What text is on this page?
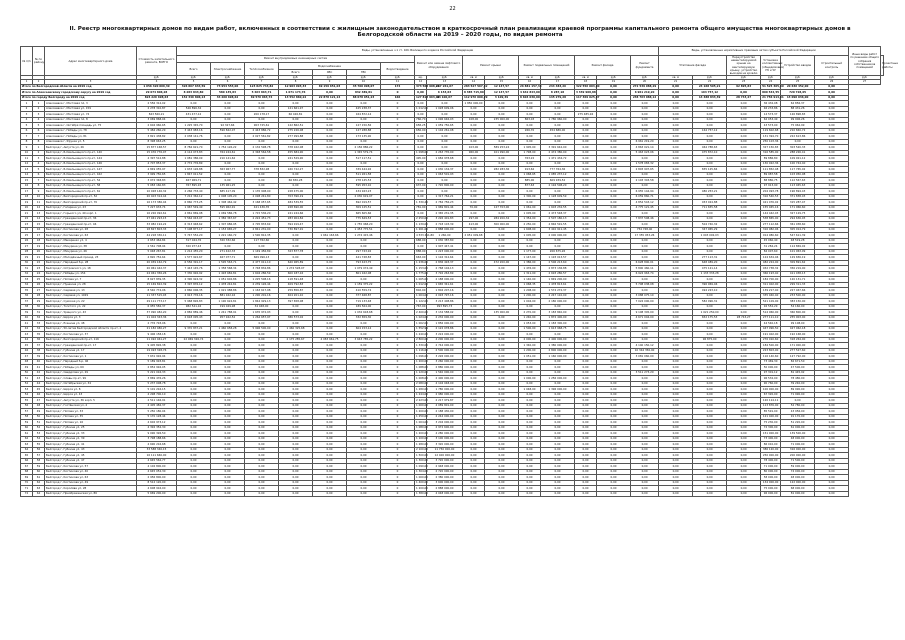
22
II. Реестр многоквартирных домов по видам работ, включенных в соответствии с жилищным законодательством в краткосрочный план реализации краевой программы капитального ремонта общего имущества многоквартирных домов в Белгородской области на 2019 – 2020 годы, по видам ремонта
№ п/п	№ по району	Адрес многоквартирного дома	Стоимость капитального ремонта, ВСЕГО	Виды, установленные ч.1 ст. 166 Жилищного кодекса Российской Федерации																Виды, установленные нормативным правовым актом субъекта Российской Федерации						Иные виды работ по решению общего собрания собственников помещений	
				Ремонт внутридомовых инженерных систем							Ремонт или замена лифтового оборудования		Ремонт крыши		Ремонт подвальных помещений		Ремонт фасада		Ремонт фундамента	Утепление фасада		Переустройство невентилируемой крыши на вентилируемую крышу, устройство выходов на кровлю	Установка коллективных (общедомовых) ПУ и УУ	Устройство вводов	Строительный контроль		Проектные работы
				Всего	Электроснабжение	Теплоснабжение	Водоснабжение			Водоотведение																	
							Всего	ХВС	ГВС																		
			руб.	руб.	руб.	руб.	руб.	руб.	руб.	руб.	ед.	руб.	кв. м	руб.	кв. м	руб.	кв. м	руб.	руб.	кв. м	руб.	руб.	руб.	руб.	руб.	руб.	
1	2	3	4	5	6	7	8	9	10	11	12	13	14	15	16	17	18	19	20	21	22	23	24	25	26	27	
Итого по Белгородской области на 2019 год			1 656 420 066,39	326 867 634,59	73 954 553,06	123 825 743,82	12 903 993,33	69 159 651,03	45 700 998,07	174	373 568 908,01	247 261,67	283 527 567,42	12 147,57	26 881 157,33	244 483,26	322 556 004,00	0,00	272 539 988,29	0,00	24 168 595,21	92 895,83	51 525 305,69	20 636 452,00	0,00		
Итого по Алексеевскому городскому округу на 2019 год			29 074 806,28	8 283 843,80	580 135,83	5 463 863,71	1 071 174,76	0,00	832 489,81	0	0,00	6 153,63	8 385 715,80	12 147,57	4 642 843,00	8 287,18	3 339 908,88	0,00	6 961 219,20	0,00	164 757,12	0,00	800 544,55	720 728,05	0,00		
Итого по городу Белгороду на 2019 год			824 226 698,63	152 346 806,13	34 260 698,62	69 576 063,74	13 552 860,22	22 878 121,14	88 078 051,23	166	127 813 963,01	93 100,67	112 976 000,29	3 109,39	8 604 030,00	145 279,28	117 369 025,87	0,00	238 763 088,12	0,00	14 488 833,39	28 743,27	21 756 914,61	13 090 036,00	0,00		
1	1	Алексеевка г, Мостовая пл, 3	2 556 312,02	0,00	0,00	0,00	0,00	0,00	0,00	0	0,00	0,00	1 850 000,00	0,00	0,00	0,00	0,00	0,00	0,00	0,00	0,00	0,00	36 432,08	62 856,37	0,00		
2	2	Алексеевка г, Мостовая ул, 159	2 278 310,87	546 896,34	0,00	0,00	121 661,97	0,00	425 238,37	0	1 012,00	1 028 609,06	0,00	0,00	0,00	0,00	0,00	0,00	0,00	0,00	0,00	0,00	46 233,86	88 431,26	0,00		
3	3	Алексеевка г, Мостовая ул, 74	843 560,21	431 477,12	0,00	200 178,17	66 426,81	0,00	164 872,14	0	0,00	0,00	0,00	0,00	0,00	0,00	275 485,94	0,00	0,00	0,00	0,00	0,00	14 573,37	126 898,83	0,00		
4	4	Алексеевка г, Мостовая пл, 8	3 069 868,04	0,00	0,00	0,00	0,00	0,00	0,00	0	766,70	1 096 646,03	108,00	235 000,00	863,03	1 780 960,00	0,00	0,00	0,00	0,00	0,00	0,00	62 053,49	99 906,26	0,00		
5	5	Алексеевка г, Октября площадь ул, 75	2 604 960,65	1 225 345,70	92 327,66	903 725,61	122 862,51	0,00	127 150,56	0	658,25	1 059 750,65	0,00	0,00	0,00	0,00	0,00	0,00	0,00	0,00	0,00	0,00	43 573,00	75 962,99	0,00		
6	6	Алексеевка г, Победы ул, 78	5 484 260,29	3 443 983,16	596 842,07	2 443 886,72	275 226,08	0,00	127 288,88	0	656,00	1 104 261,08	0,00	0,00	266,70	454 686,00	0,00	0,00	0,00	0,00	164 757,12	0,00	119 602,68	210 840,72	0,00		
7	7	Алексеевка г, Победы ул, 81	3 821 438,82	2 038 141,76	0,00	2 027 561,82	277 999,88	0,00	173 135,90	0	0,00	0,00	0,00	0,00	0,00	0,00	0,00	0,00	0,00	0,00	0,00	0,00	131 394,70	222 613,86	0,00		
8	8	Алексеевка г, Фрунзе ул, 5	8 398 663,25	0,00	0,00	0,00	0,00	0,00	0,00	0	0,00	0,00	0,00	0,00	0,00	0,00	0,00	0,00	6 961 219,20	0,00	0,00	0,00	250 103,36	0,00	0,00		
9	1	Белгород г, Августа ул, 26	15 877 168,57	8 784 621,70	1 754 126,22	2 132 598,78	378 162,08	0,00	2 156 886,22	0	0,00	0,00	103,00	589 253,24	1 905,00	3 391 642,00	0,00	0,00	4 863 021,14	0,00	464 788,63	0,00	327 150,83	303 520,33	0,00		
10	2	Белгород г, Б.Хмельницкого пр-кт, 140	15 476 776,07	4 114 073,83	764 244,61	2 348 564,58	455 684,90	0,00	1 345 579,74	0	1 098,00	2 263 735,00	960,00	101 990,00	1 798,00	2 474 380,00	0,00	0,00	5 463 023,06	0,00	475 872,10	0,00	316 585,00	288 226,41	0,00		
11	3	Белгород г, Б.Хмельницкого пр-кт, 144	4 397 512,88	1 081 386,09	210 141,62	0,00	241 529,90	0,00	517 117,51	0	495,00	1 684 978,68	0,00	0,00	763,22	1 471 434,72	0,00	0,00	0,00	0,00	0,00	0,00	89 886,80	109 921,12	0,00		
12	4	Белгород г, Б.Хмельницкого пр-кт, 146	4 707 853,37	2 772 776,89	0,00	0,00	0,00	0,00	0,00	0	0,00	0,00	0,00	0,00	0,00	0,00	0,00	0,00	1 578 083,32	0,00	0,00	0,00	130 022,36	100 744,40	0,00		
13	5	Белгород г, Б.Хмельницкого пр-кт, 147	4 849 055,97	1 633 126,88	363 967,77	378 832,98	160 722,27	0,00	339 444,92	0	0,00	1 030 134,37	0,00	282 283,36	913,62	777 764,36	0,00	0,00	2 893 907,65	0,00	835 125,84	0,00	111 852,48	117 765,02	0,00		
14	6	Белгород г, Б.Хмельницкого пр-кт, 162	3 999 750,65	1 847 011,52	0,00	0,00	0,00	0,00	511 261,58	0	0,00	1 063 501,93	0,00	0,00	1 068,65	1 085 237,12	0,00	0,00	0,00	0,00	0,00	0,00	89 987,58	103 950,98	0,00		
15	7	Белгород г, Б.Хмельницкого пр-кт, 54	3 072 348,83	467 969,71	0,00	0,00	66 830,28	0,00	278 145,53	0	0,00	0,00	0,00	0,00	885,00	609 939,52	0,00	0,00	2 103 303,58	0,00	0,00	0,00	88 880,75	112 567,63	0,00		
16	8	Белгород г, Б.Хмельницкого пр-кт, 58	5 083 160,83	767 895,93	135 961,25	0,00	0,00	0,00	595 953,10	0	637,00	1 720 800,00	0,00	0,00	877,63	2 194 508,20	0,00	0,00	0,00	0,00	0,00	0,00	97 913,90	113 945,63	0,00		
17	9	Белгород г, Б.Хмельницкого пр-кт, 61	10 028 146,32	2 266 733,40	685 417,09	1 135 908,00	228 475,00	0,00	434 943,23	0	0,00	0,00	0,00	0,00	0,00	0,00	0,00	0,00	6 955 144,94	0,00	480 253,21	0,00	204 093,78	196 894,43	0,00		
18	10	Белгород г, Белгородский пр-кт, 52	20 403 314,44	7 212 362,12	1 008 105,20	2 098 241,80	703 396,19	0,00	2 030 619,07	0	0,00	1 317 764,21	0,00	0,00	1 300,09	1 128 609,59	0,00	0,00	6 059 860,71	0,00	0,00	0,00	316 540,53	371 838,03	0,00		
19	11	Белгород г, Белгородский пр-кт, 70	16 173 386,04	6 860 773,25	1 308 462,42	3 168 057,65	484 539,55	0,00	692 019,57	0	1 330,26	2 784 756,23	0,00	0,00	0,00	0,00	0,00	0,00	4 854 543,12	0,00	453 024,88	0,00	421 076,02	315 287,47	0,00		
20	12	Белгород г, Гагарина ул, 23	7 227 633,74	1 967 549,49	595 962,91	421 436,35	228 690,00	0,00	309 125,51	0	781,00	1 969 801,44	70,00	127 703,00	1 061,00	1 603 232,55	0,00	0,00	4 775 121,45	0,00	711 655,58	0,00	155 945,16	171 966,60	0,00		
21	13	Белгород г, Горького ул, 49 корп. 1	16 226 092,61	4 861 869,98	1 069 586,78	1 715 536,20	241 244,66	0,00	665 605,66	0	0,00	2 365 231,35	0,00	0,00	1 005,00	2 473 548,37	0,00	0,00	0,00	0,00	0,00	0,00	144 442,03	327 129,75	0,00		
22	14	Белгород г, Гражданский пр-кт, 36	27 941 293,15	5 562 043,07	1 382 367,67	2 224 451,73	283 904,84	0,00	775 629,53	0	2 250,00	3 226 401,83	297,00	284 200,34	1 354,00	2 507 180,13	0,00	0,00	7 837 508,46	0,00	0,00	0,00	538 865,00	294 636,93	0,00		
23	15	Белгород г, Гражданский пр-кт, 46	33 982 194,22	6 313 948,62	1 307 686,95	2 795 833,69	394 919,47	0,00	1 755 968,20	0	1 139,00	2 718 103,39	413,00	300 000,00	2 250,00	4 846 591,55	0,00	0,00	0,00	0,00	504 740,32	0,00	277 112,66	361 938,60	0,00		
24	16	Белгород г, Костюкова ул, 28	18 827 803,33	7 108 877,17	1 153 665,27	2 841 231,00	730 897,91	0,00	1 453 775,51	0	1 261,00	2 888 000,00	0,00	0,00	1 608,00	3 410 911,45	0,00	0,00	754 748,40	0,00	347 965,29	0,00	316 982,06	305 914,79	0,00		
25	17	Белгород г, Костюкова ул, 63	44 218 330,11	5 747 552,20	1 221 160,72	1 590 812,35	0,00	1 661 163,66	1 274 415,46	2	4 533 411,80	1 260,00	2 651 009,68	0,00	1 005,00	2 000 000,00	0,00	0,00	17 355 053,26	0,00	1 003 092,03	0,00	914 980,60	547 611,39	0,00		
26	18	Белгород г, Макаренко ул, 4	2 653 464,84	317 044,76	320 332,66	117 762,60	0,00	0,00	0,00	0	688,00	1 030 387,80	0,00	0,00	0,00	0,00	0,00	0,00	0,00	0,00	0,00	0,00	45 060,40	48 519,28	0,00		
27	19	Белгород г, Мичурина ул, 38	2 561 708,94	320 977,43	0,00	0,00	0,00	0,00	0,00	0	0,00	1 907 447,41	0,00	0,00	0,00	0,00	0,00	0,00	0,00	0,00	0,00	0,00	31 284,24	114 869,02	0,00		
28	20	Белгород г, Мичурина ул, 46	5 048 267,81	1 214 455,20	271 422,33	1 149 456,89	323 877,78	0,00	297 743,92	0	888,00	1 223 000,00	0,00	0,00	1 177,00	206 675,26	0,00	0,00	0,00	0,00	0,00	0,00	84 007,60	101 963,99	0,00		
29	21	Белгород г, Молодёжный проезд, 23	4 820 752,64	1 577 922,67	467 077,71	669 096,13	0,00	0,00	441 748,83	0	663,00	1 116 312,64	0,00	0,00	1 147,00	1 193 013,57	0,00	0,00	0,00	0,00	277 113,31	0,00	124 634,46	129 656,19	0,00		
30	22	Белгород г, Народный б-р, 28	20 939 162,79	6 556 391,17	1 595 563,71	2 477 011,10	640 965,89	0,00	793 423,75	0	1 236,00	2 836 493,37	0,00	472 200,00	1 386,00	2 506 213,60	0,00	0,00	6 628 800,01	0,00	648 489,20	0,00	482 224,00	309 891,62	0,00		
31	23	Белгород г, Островского ул, 18	20 961 442,37	7 443 145,76	1 358 568,34	3 748 834,86	1 274 528,07	0,00	1 079 074,49	0	1 153,00	2 768 104,13	0,00	0,00	1 476,00	2 873 136,88	0,00	0,00	5 800 460,11	0,00	475 121,14	0,00	452 738,32	356 219,00	0,00		
32	24	Белгород г, Победы ул, 154	24 061 356,26	7 330 992,92	1 493 682,81	1 604 286,59	600 187,16	0,00	801 162,08	0	1 775,00	3 792 263,89	0,00	0,00	1 311,00	2 693 280,57	0,00	0,00	6 924 963,74	0,00	1 133 333,28	0,00	366 193,40	411 038,13	0,00		
33	25	Белгород г, Попова ул, 7	8 627 839,35	2 390 924,32	1 051 602,86	1 225 508,16	118 591,48	0,00	0,00	0	1 005,00	2 188 000,00	0,00	0,00	1 140,00	1 849 200,00	0,00	0,00	0,00	0,00	0,00	0,00	184 700,00	120 131,71	0,00		
34	26	Белгород г, Пушкина ул, 28	15 169 822,39	3 397 876,12	1 478 242,81	2 239 126,44	409 792,83	0,00	1 159 375,22	0	1 012,00	1 665 341,61	0,00	0,00	1 068,35	1 478 813,61	0,00	0,00	5 798 038,08	0,00	396 969,46	0,00	311 402,00	299 311,33	0,00		
35	27	Белгород г, Садовая ул, 13	8 540 774,06	2 860 006,35	1 021 988,86	1 163 617,98	259 856,87	0,00	410 559,74	0	802,00	1 804 207,16	0,00	0,00	1 208,00	1 574 272,37	0,00	0,00	0,00	0,00	494 223,10	0,00	139 217,40	227 467,66	0,00		
36	28	Белгород г, Садовая ул, 1929	11 337 515,93	2 913 776,16	881 162,16	1 290 201,16	404 201,10	0,00	377 468,87	0	1 004,00	2 093 797,16	0,00	0,00	1 200,00	2 247 110,00	0,00	0,00	3 088 075,10	0,00	0,00	0,00	335 040,40	233 500,00	0,00		
37	29	Белгород г, Сумская ул, 22	29 111 773,17	5 968 826,83	1 190 624,81	1 844 929,13	397 658,08	0,00	719 133,48	0	1 122,00	3 213 408,86	0,00	0,00	1 004,00	2 180 000,00	0,00	0,00	7 024 000,00	0,00	582 096,31	0,00	521 109,00	383 150,00	0,00		
38	30	Белгород г, Толстого ул, 22	6 955 582,37	982 541,16	199 049,98	34 048,00	0,00	0,00	189 564,00	0	767,00	993 895,73	0,00	0,00	0,00	0,00	0,00	0,00	0,00	0,00	0,00	0,00	92 552,29	54 160,00	0,00		
39	31	Белгород г, Урицкого ул, 43	37 990 482,20	4 882 889,46	1 241 788,91	1 635 972,93	0,00	0,00	1 032 618,68	0	2 400,00	3 134 588,02	0,00	135 000,00	2 270,00	3 183 840,00	0,00	0,00	9 108 345,00	0,00	1 021 250,00	0,00	514 960,00	360 800,00	0,00		
40	32	Белгород г, Щорса ул, 3	11 404 343,36	2 618 095,43	957 942,52	1 264 657,97	386 573,02	0,00	332 659,30	0	1 024,00	2 232 000,00	0,00	0,00	1 240,00	1 872 400,00	0,00	0,00	4 671 004,00	0,00	652 175,53	28 743,27	277 111,10	255 903,00	0,00		
41	33	Белгород г, Есенина ул, 48	2 776 793,06	0,00	0,00	0,00	0,00	0,00	0,00	0	1 002,00	1 856 000,00	0,00	0,00	1 053,00	1 183 300,00	0,00	0,00	0,00	0,00	0,00	0,00	44 540,18	99 108,00	0,00		
42	34	Белгород г, 50-летия Белгородской области пр-кт, 4	21 182 480,27	9 370 837,21	1 460 658,28	5 996 500,00	1 460 325,68	0,00	604 153,14	0	1 552,99	2 122 078,86	0,00	0,00	1 500,00	1 613 968,75	0,00	0,00	0,00	0,00	0,00	0,00	447 996,50	427 062,18	0,00		
43	35	Белгород г, Костюкова ул, 37	9 406 158,18	0,00	0,00	0,00	0,00	0,00	0,00	0	1 240,00	3 224 000,00	0,00	0,00	0,00	0,00	0,00	0,00	0,00	0,00	0,00	0,00	191 402,00	192 168,00	0,00		
44	36	Белгород г, Белгородский пр-кт, 116	11 492 461,27	22 969 326,74	0,00	0,00	2 175 285,67	4 083 661,75	3 643 785,22	0	2 800,00	4 200 000,00	0,00	0,00	2 000,00	2 400 000,00	0,00	0,00	0,00	0,00	96 875,00	0,00	276 010,60	318 264,00	0,00		
45	37	Белгород г, Гражданский пр-кт, 17	9 405 826,38	0,00	0,00	0,00	0,00	0,00	0,00	0	1 330,00	2 744 000,00	0,00	0,00	1 340,00	1 380 000,00	0,00	0,00	4 140 150,12	0,00	0,00	0,00	184 500,00	171 000,00	0,00		
46	38	Белгород г, Губкина ул, 17	19 493 328,76	0,00	0,00	0,00	0,00	0,00	0,00	0	1 116,00	2 500 000,00	0,00	0,00	1 200,00	2 800 000,00	0,00	0,00	10 344 356,00	0,00	0,00	0,00	223 803,00	277 527,60	0,00		
47	39	Белгород г, Костюкова ул, 1	7 631 992,94	0,00	0,00	0,00	0,00	0,00	0,00	0	1 096,00	3 226 000,00	0,00	0,00	1 051,00	1 160 000,00	0,00	0,00	3 081 060,00	0,00	0,00	0,00	116 140,60	127 792,00	0,00		
48	40	Белгород г, Народный б-р, 46	5 189 993,81	0,00	0,00	0,00	0,00	0,00	0,00	0	1 200,00	3 260 000,00	0,00	0,00	0,00	0,00	0,00	0,00	0,00	0,00	0,00	0,00	73 469,30	82 671,50	0,00		
49	41	Белгород г, Победы ул, 69	2 852 994,05	0,00	0,00	0,00	0,00	0,00	0,00	0	1 088,00	2 880 000,00	0,00	0,00	0,00	0,00	0,00	0,00	0,00	0,00	0,00	0,00	50 000,00	47 500,00	0,00		
50	42	Белгород г, Свердлова ул, 29	5 221 016,33	0,00	0,00	0,00	0,00	0,00	0,00	0	1 120,00	1 540 000,00	0,00	0,00	0,00	0,00	0,00	0,00	3 511 273,29	0,00	0,00	0,00	97 301,12	81 445,92	0,00		
51	43	Белгород г, Славы пр-кт, 99	3 869 476,26	0,00	0,00	0,00	0,00	0,00	0,00	0	1 008,00	2 400 000,00	0,00	0,00	1 000,00	1 256 000,00	0,00	0,00	0,00	0,00	0,00	0,00	96 532,00	78 480,00	0,00		
52	44	Белгород г, Октябрьская ул, 34	5 237 008,78	0,00	0,00	0,00	0,00	0,00	0,00	0	2 080,00	4 104 048,00	0,00	0,00	0,00	0,00	0,00	0,00	0,00	0,00	0,00	0,00	90 760,00	39 240,00	0,00		
53	45	Белгород г, Щорса ул, 8	5 101 216,15	0,00	0,00	0,00	0,00	0,00	0,00	0	1 280,00	1 780 000,00	0,00	0,00	1 048,00	1 396 000,00	0,00	0,00	0,00	0,00	0,00	0,00	100 000,00	89 990,00	0,00		
54	46	Белгород г, Щорса ул, 43	4 298 700,10	0,00	0,00	0,00	0,00	0,00	0,00	0	1 244,00	2 980 000,00	0,00	0,00	0,00	0,00	0,00	0,00	0,00	0,00	0,00	0,00	67 320,00	71 990,00	0,00		
55	47	Белгород г, Августа ул, 36 корп. 5	2 511 146,91	0,00	0,00	0,00	0,00	0,00	0,00	0	2 223,00	2 217 979,87	0,00	0,00	0,00	0,00	0,00	0,00	0,00	0,00	0,00	0,00	120 114,11	0,00	0,00		
56	48	Белгород г, Гостёнская ул, 4	4 405 482,37	0,00	0,00	0,00	0,00	0,00	0,00	0	1 000,00	4 089 801,00	0,00	0,00	0,00	0,00	0,00	0,00	0,00	0,00	0,00	0,00	113 876,00	52 780,00	0,00		
57	49	Белгород г, Попова ул, 33	5 250 180,04	0,00	0,00	0,00	0,00	0,00	0,00	0	1 200,00	2 188 430,00	0,00	0,00	0,00	0,00	0,00	0,00	0,00	0,00	0,00	0,00	85 591,00	43 956,00	0,00		
58	50	Белгород г, Попова ул, 35	5 170 128,44	0,00	0,00	0,00	0,00	0,00	0,00	0	1 250,00	2 244 000,00	0,00	0,00	0,00	0,00	0,00	0,00	0,00	0,00	0,00	0,00	121 400,00	91 170,00	0,00		
59	51	Белгород г, Попова ул, 16	4 602 973,12	0,00	0,00	0,00	0,00	0,00	0,00	0	1 004,00	3 204 000,00	0,00	0,00	0,00	0,00	0,00	0,00	0,00	0,00	0,00	0,00	75 230,00	51 220,00	0,00		
60	52	Белгород г, Губкина ул, 25	4 392 352,30	0,00	0,00	0,00	0,00	0,00	0,00	0	1 080,00	2 972 600,00	0,00	0,00	0,00	0,00	0,00	0,00	0,00	0,00	0,00	0,00	72 300,00	61 000,00	0,00		
61	53	Белгород г, Губкина ул, 33	9 090 326,50	0,00	0,00	0,00	0,00	0,00	0,00	0	1 200,00	4 280 000,00	0,00	0,00	0,00	0,00	0,00	0,00	0,00	0,00	0,00	0,00	151 000,00	139 500,00	0,00		
62	54	Белгород г, Губкина ул, 39	3 798 188,66	0,00	0,00	0,00	0,00	0,00	0,00	0	1 100,00	3 100 000,00	0,00	0,00	0,00	0,00	0,00	0,00	0,00	0,00	0,00	0,00	73 400,00	48 000,00	0,00		
63	55	Белгород г, Губкина ул, 41	4 690 216,68	0,00	0,00	0,00	0,00	0,00	0,00	0	1 280,00	3 320 000,00	0,00	0,00	0,00	0,00	0,00	0,00	0,00	0,00	0,00	0,00	86 010,00	71 000,00	0,00		
64	56	Белгород г, Губкина ул, 43	33 588 340,15	0,00	0,00	0,00	0,00	0,00	0,00	0	2 100,00	11 750 000,00	0,00	0,00	0,00	0,00	0,00	0,00	0,00	0,00	0,00	0,00	386 120,00	316 000,00	0,00		
65	57	Белгород г, Губкина ул, 45	16 111 660,00	0,00	0,00	0,00	0,00	0,00	0,00	0	1 500,00	12 400 000,00	0,00	0,00	0,00	0,00	0,00	0,00	0,00	0,00	0,00	0,00	250 000,00	200 000,00	0,00		
66	58	Белгород г, Губкина ул, 47	4 645 562,77	0,00	0,00	0,00	0,00	0,00	0,00	0	1 300,00	3 720 000,00	0,00	0,00	0,00	0,00	0,00	0,00	0,00	0,00	0,00	0,00	78 400,00	71 500,00	0,00		
67	59	Белгород г, Костюкова ул, 57	4 102 800,00	0,00	0,00	0,00	0,00	0,00	0,00	0	1 090,00	2 948 000,00	0,00	0,00	0,00	0,00	0,00	0,00	0,00	0,00	0,00	0,00	71 000,00	59 000,00	0,00		
68	60	Белгород г, Костюкова ул, 40	4 645 052,30	0,00	0,00	0,00	0,00	0,00	0,00	0	1 304,00	2 720 000,00	0,00	0,00	0,00	0,00	0,00	0,00	0,00	0,00	0,00	0,00	80 000,00	74 000,00	0,00		
69	61	Белгород г, Костюкова ул, 63	2 956 800,00	0,00	0,00	0,00	0,00	0,00	0,00	0	1 000,00	2 380 000,00	0,00	0,00	0,00	0,00	0,00	0,00	0,00	0,00	0,00	0,00	58 000,00	48 000,00	0,00		
70	62	Белгород г, Костюкова ул, 49	8 512 120,00	0,00	0,00	0,00	0,00	0,00	0,00	0	1 400,00	3 600 000,00	0,00	0,00	0,00	0,00	0,00	0,00	0,00	0,00	0,00	0,00	134 000,00	122 000,00	0,00		
71	63	Белгород г, Королёва ул, 28	4 608 916,00	0,00	0,00	0,00	0,00	0,00	0,00	0	1 200,00	2 888 000,00	0,00	0,00	0,00	0,00	0,00	0,00	0,00	0,00	0,00	0,00	75 000,00	68 000,00	0,00		
72	64	Белгород г, Преображенская ул, 86	5 669 200,00	0,00	0,00	0,00	0,00	0,00	0,00	0	1 380,00	4 048 000,00	0,00	0,00	0,00	0,00	0,00	0,00	0,00	0,00	0,00	0,00	96 000,00	81 000,00	0,00		
